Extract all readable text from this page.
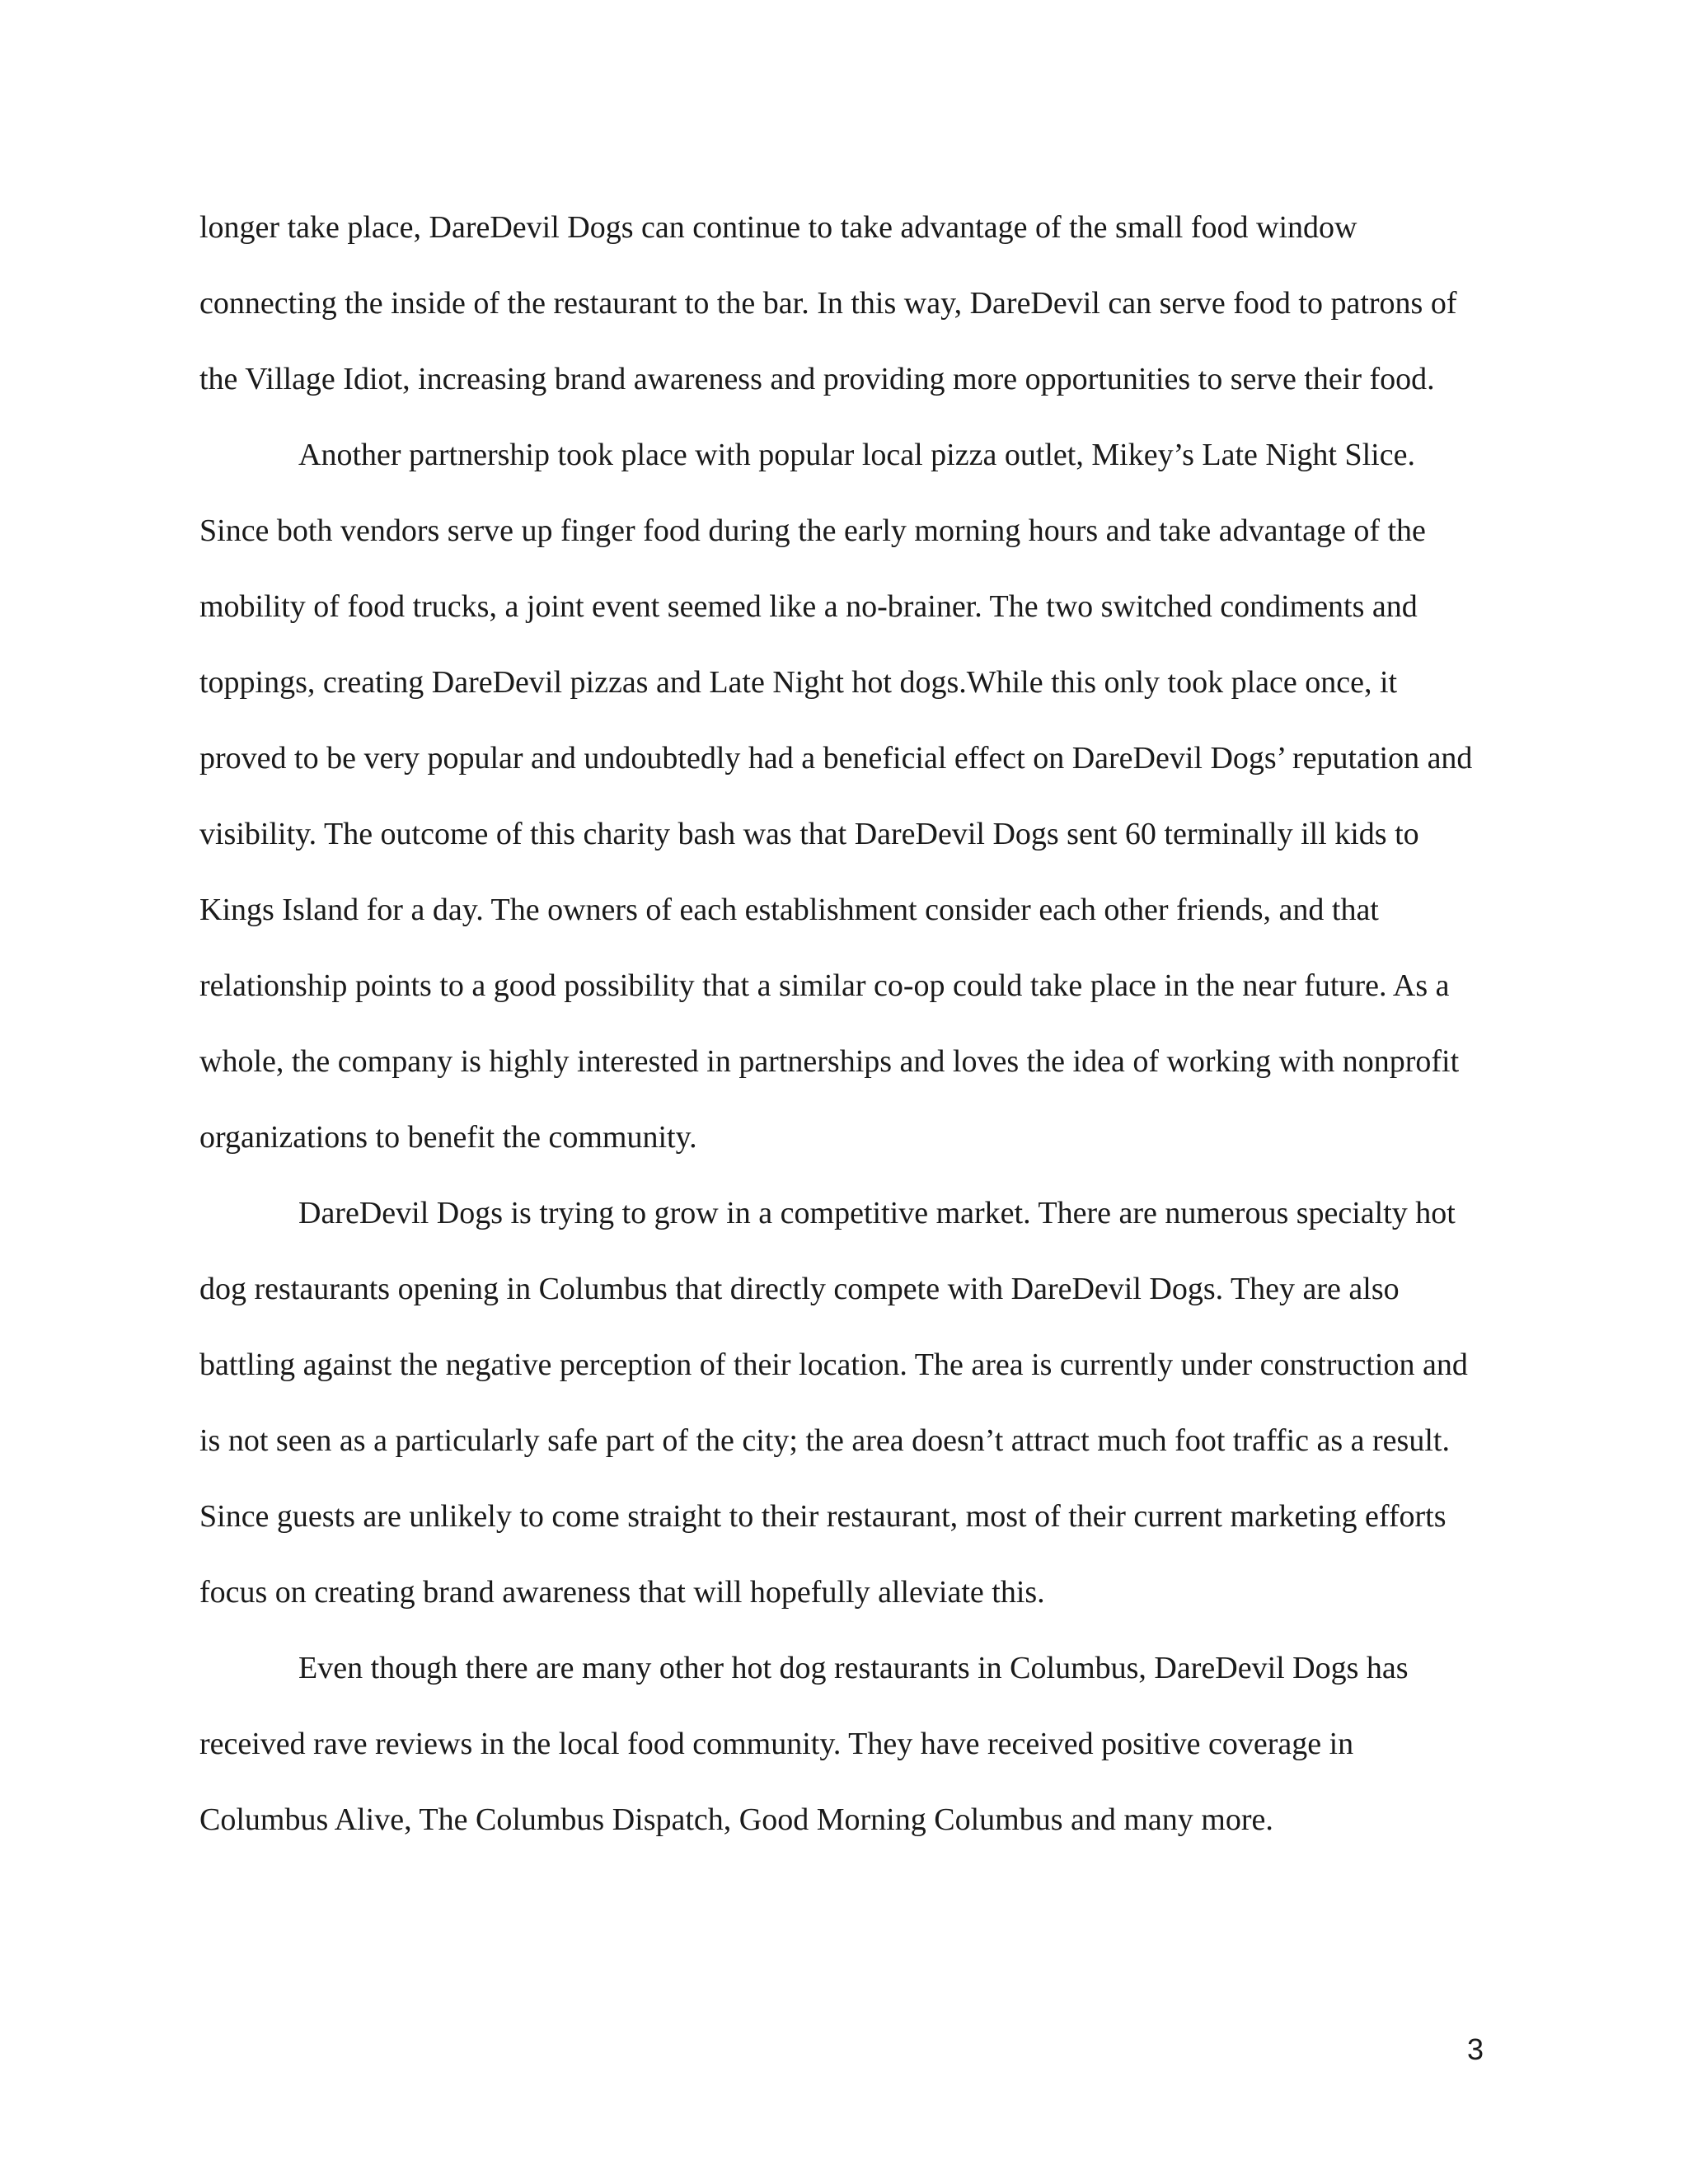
longer take place, DareDevil Dogs can continue to take advantage of the small food window connecting the inside of the restaurant to the bar. In this way, DareDevil can serve food to patrons of the Village Idiot, increasing brand awareness and providing more opportunities to serve their food.

Another partnership took place with popular local pizza outlet, Mikey’s Late Night Slice. Since both vendors serve up finger food during the early morning hours and take advantage of the mobility of food trucks, a joint event seemed like a no-brainer. The two switched condiments and toppings, creating DareDevil pizzas and Late Night hot dogs.While this only took place once, it proved to be very popular and undoubtedly had a beneficial effect on DareDevil Dogs’ reputation and visibility. The outcome of this charity bash was that DareDevil Dogs sent 60 terminally ill kids to Kings Island for a day. The owners of each establishment consider each other friends, and that relationship points to a good possibility that a similar co-op could take place in the near future. As a whole, the company is highly interested in partnerships and loves the idea of working with nonprofit organizations to benefit the community.

DareDevil Dogs is trying to grow in a competitive market. There are numerous specialty hot dog restaurants opening in Columbus that directly compete with DareDevil Dogs. They are also battling against the negative perception of their location. The area is currently under construction and is not seen as a particularly safe part of the city; the area doesn’t attract much foot traffic as a result. Since guests are unlikely to come straight to their restaurant, most of their current marketing efforts focus on creating brand awareness that will hopefully alleviate this.

Even though there are many other hot dog restaurants in Columbus, DareDevil Dogs has received rave reviews in the local food community. They have received positive coverage in Columbus Alive, The Columbus Dispatch, Good Morning Columbus and many more.

3
